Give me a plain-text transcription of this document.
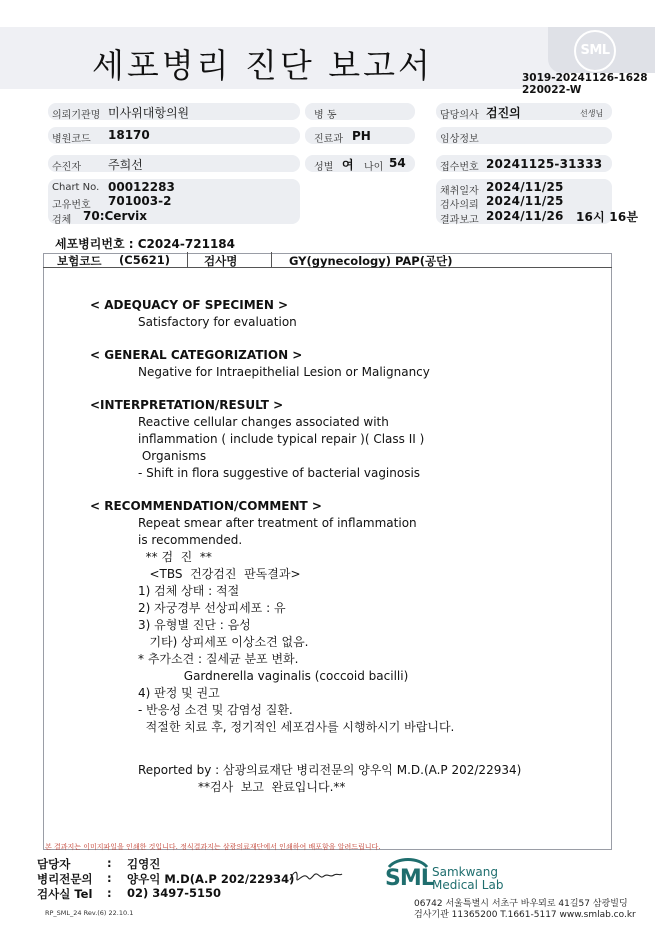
세포병리 진단 보고서	SML
3019-20241126-1628
220022-W
의뢰기관명 미사위대항의원	병 동	담당의사 검진의	선생님
병원코드 18170	진료과 PH	임상정보
수진자 주희선	성별 여 나이 54	접수번호 20241125-31333
Chart No. 00012283
고유번호 701003-2
검체 70:Cervix
채취일자 2024/11/25
검사의뢰 2024/11/25
결과보고 2024/11/26 16시 16분
세포병리번호 : C2024-721184
보험코드 (C5621)	검사명	GY(gynecology) PAP(공단)
< ADEQUACY OF SPECIMEN >
Satisfactory for evaluation
< GENERAL CATEGORIZATION >
Negative for Intraepithelial Lesion or Malignancy
<INTERPRETATION/RESULT >
Reactive cellular changes associated with
inflammation ( include typical repair )( Class II )
Organisms
- Shift in flora suggestive of bacterial vaginosis
< RECOMMENDATION/COMMENT >
Repeat smear after treatment of inflammation
is recommended.
** 검  진  **
<TBS  건강검진  판독결과>
1) 검체 상태 : 적절
2) 자궁경부 선상피세포 : 유
3) 유형별 진단 : 음성
기타) 상피세포 이상소견 없음.
* 추가소견 : 질세균 분포 변화.
Gardnerella vaginalis (coccoid bacilli)
4) 판정 및 권고
- 반응성 소견 및 감염성 질환.
적절한 치료 후, 정기적인 세포검사를 시행하시기 바랍니다.
Reported by : 삼광의료재단 병리전문의 양우익 M.D.(A.P 202/22934)
**검사  보고  완료입니다.**
본 결과지는 이미지파일을 인쇄한 것입니다. 정식결과지는 삼광의료재단에서 인쇄하여 배포함을 알려드립니다.
담당자	: 김영진
병리전문의 : 양우익 M.D(A.P 202/22934)
검사실 Tel : 02) 3497-5150
RP_SML_24 Rev.(6) 22.10.1
SML
Samkwang
Medical Lab
06742 서울특별시 서초구 바우뫼로 41길57 삼광빌딩
검사기관 11365200 T.1661-5117 www.smlab.co.kr
